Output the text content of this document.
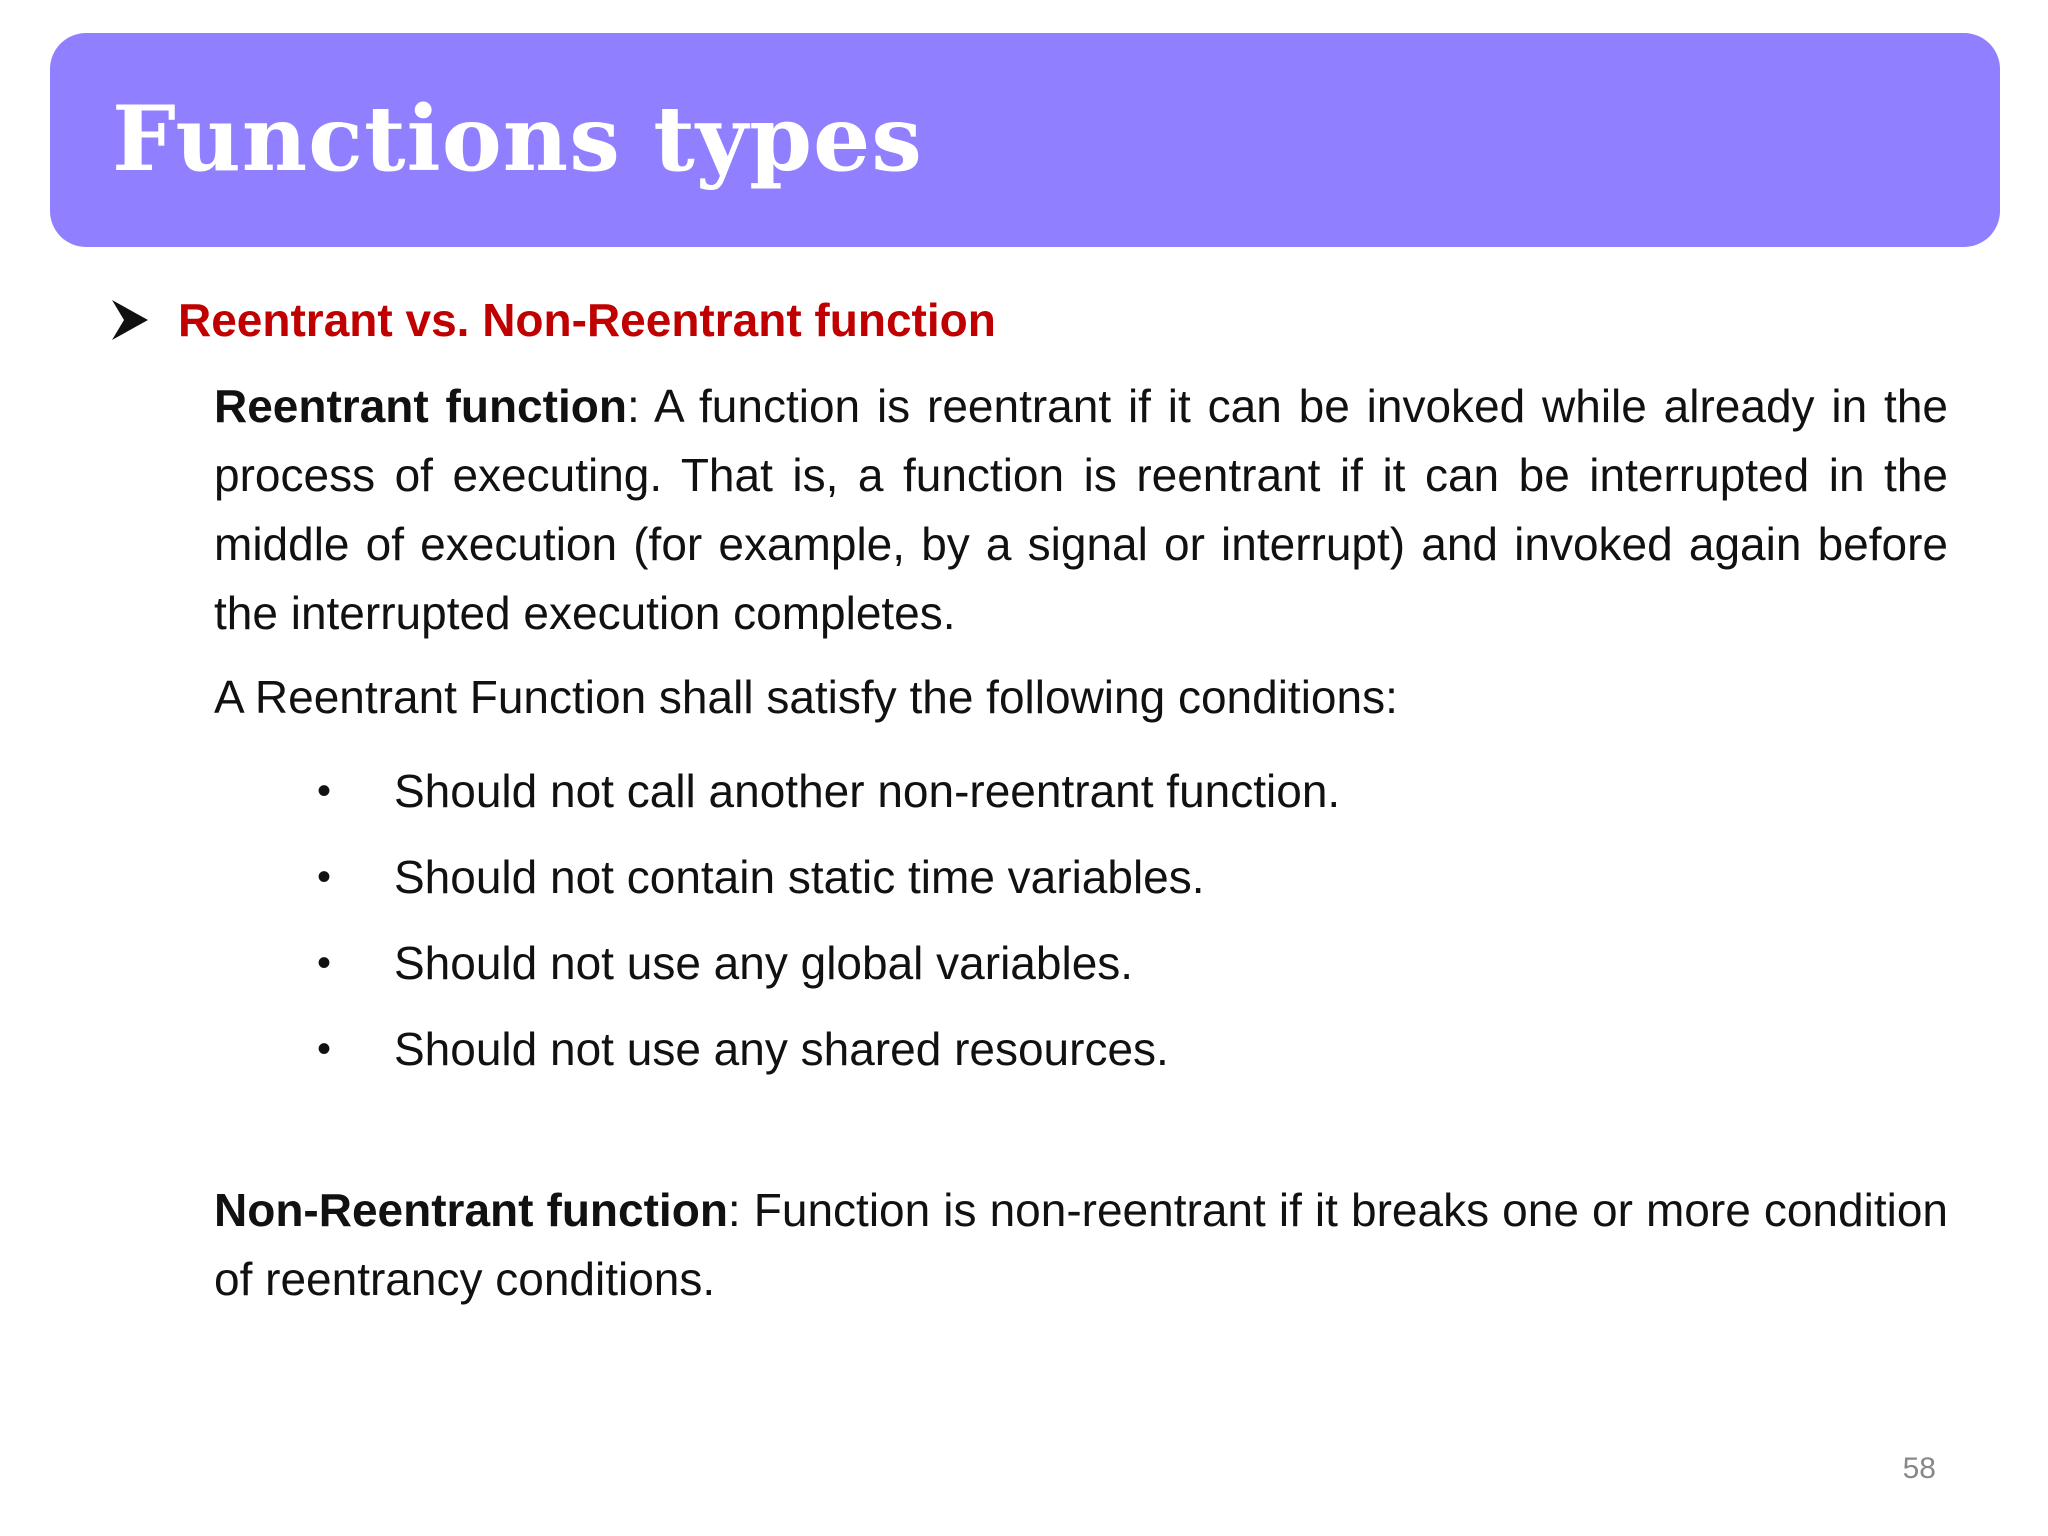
Functions types
Reentrant vs. Non-Reentrant function

Reentrant function: A function is reentrant if it can be invoked while already in the process of executing. That is, a function is reentrant if it can be interrupted in the middle of execution (for example, by a signal or interrupt) and invoked again before the interrupted execution completes.

A Reentrant Function shall satisfy the following conditions:
•	Should not call another non-reentrant function.
•	Should not contain static time variables.
•	Should not use any global variables.
•	Should not use any shared resources.

Non-Reentrant function: Function is non-reentrant if it breaks one or more condition of reentrancy conditions.

58
